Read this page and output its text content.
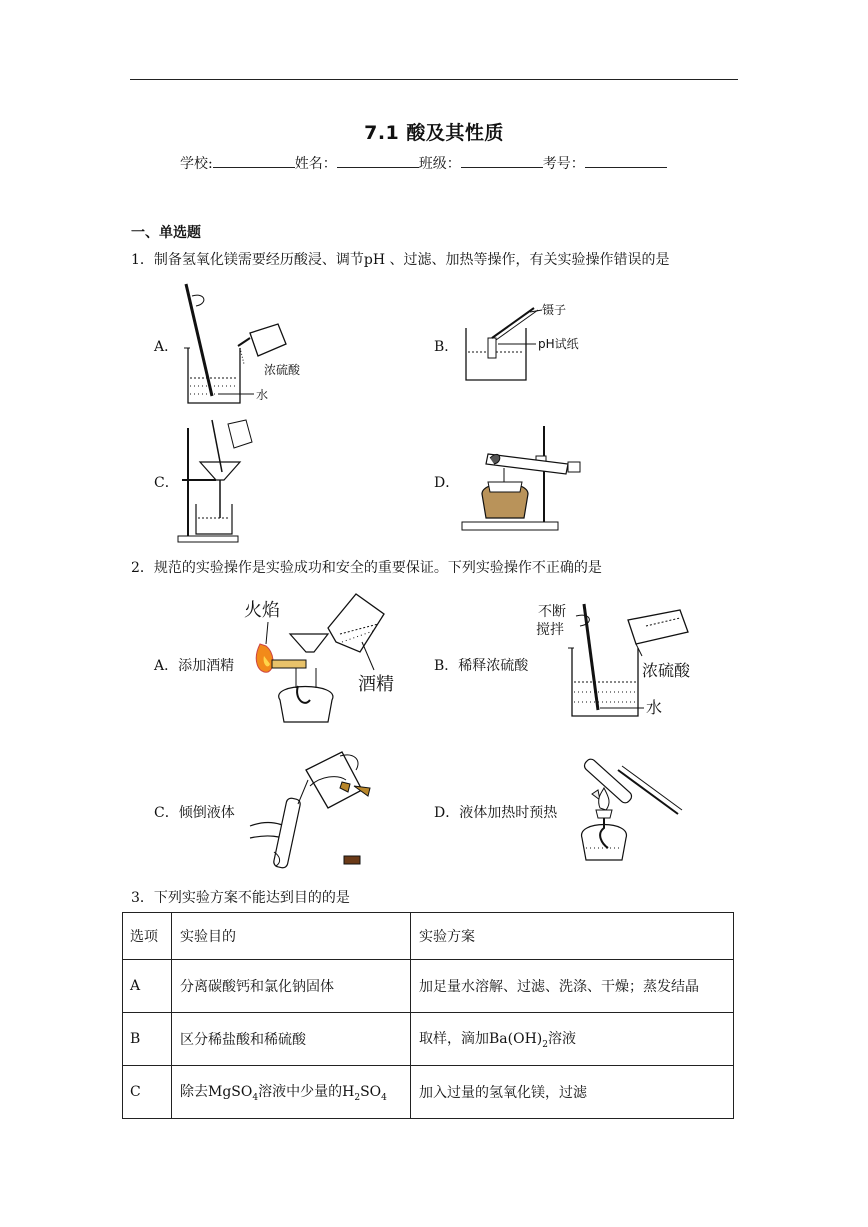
7.1 酸及其性质
学校:	姓名：	班级：	考号：
一、单选题
1．制备氢氧化镁需要经历酸浸、调节pH 、过滤、加热等操作，有关实验操作错误的是
A．
浓硫酸
水
B．
镊子
pH试纸
C．	D．
2．规范的实验操作是实验成功和安全的重要保证。下列实验操作不正确的是
A．添加酒精
火焰
酒精
B．稀释浓硫酸
不断
搅拌
浓硫酸
水
C．倾倒液体	D．液体加热时预热
3．下列实验方案不能达到目的的是
选项	实验目的	实验方案
A	分离碳酸钙和氯化钠固体	加足量水溶解、过滤、洗涤、干燥；蒸发结晶
B	区分稀盐酸和稀硫酸	取样，滴加$Ba(OH)_2$溶液
C	除去MgSO$_4$溶液中少量的$H_2SO_4$	加入过量的氢氧化镁，过滤
